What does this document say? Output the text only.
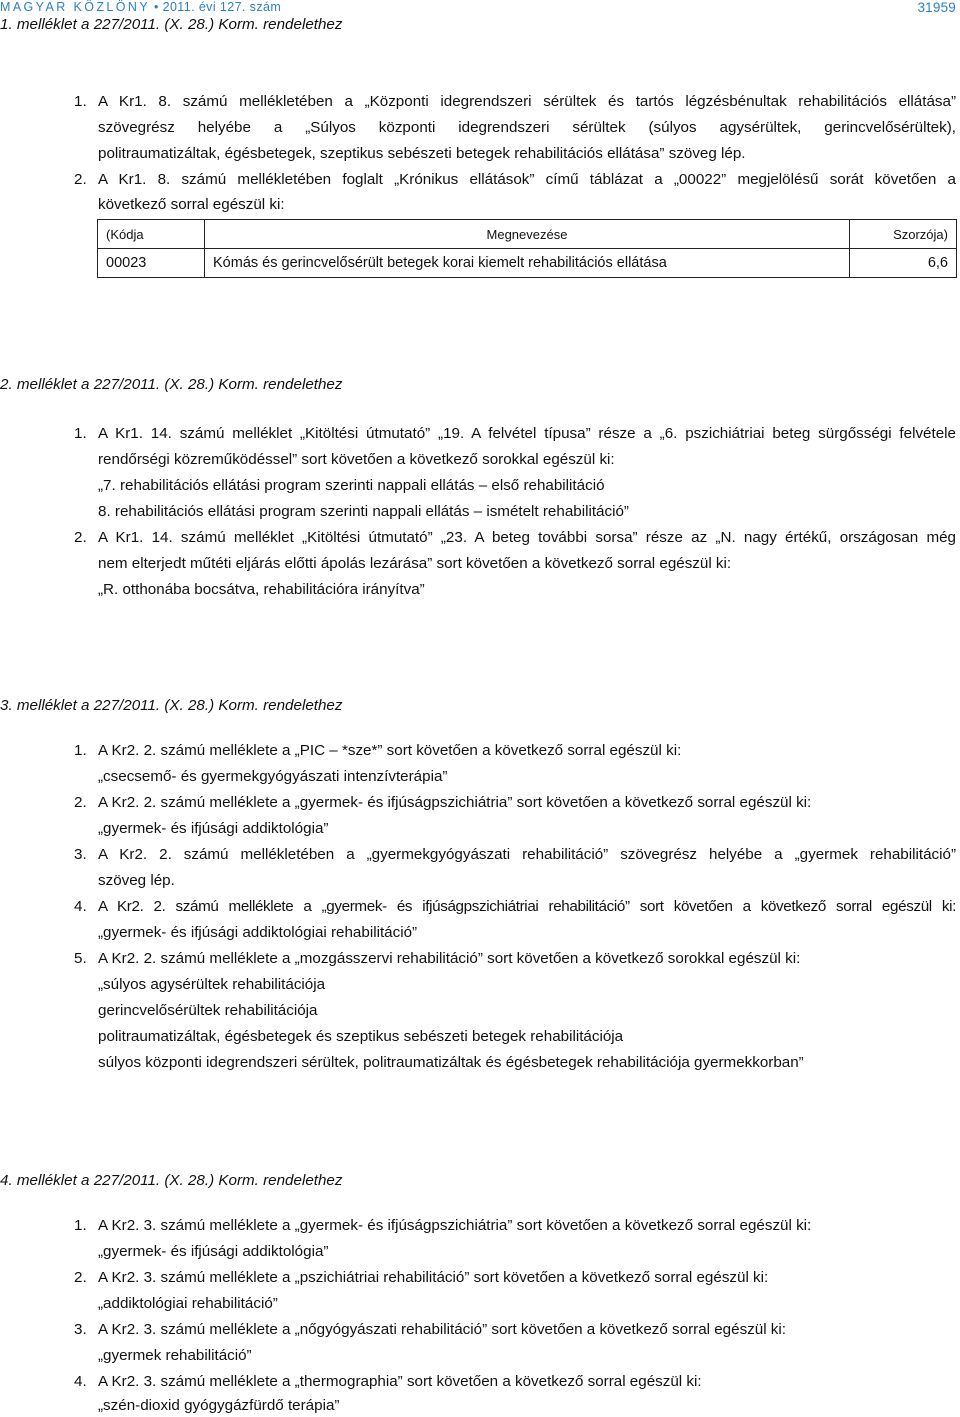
MAGYAR KÖZLÖNY • 2011. évi 127. szám	31959
1. melléklet a 227/2011. (X. 28.) Korm. rendelethez
1. A Kr1. 8. számú mellékletében a „Központi idegrendszeri sérültek és tartós légzésbénultak rehabilitációs ellátása”
szövegrész helyébe a „Súlyos központi idegrendszeri sérültek (súlyos agysérültek, gerincvelősérültek),
politraumatizáltak, égésbetegek, szeptikus sebészeti betegek rehabilitációs ellátása” szöveg lép.
2. A Kr1. 8. számú mellékletében foglalt „Krónikus ellátások” című táblázat a „00022” megjelölésű sorát követően a
következő sorral egészül ki:
(Kódja	Megnevezése	Szorzója)
00023	Kómás és gerincvelősérült betegek korai kiemelt rehabilitációs ellátása	6,6
2. melléklet a 227/2011. (X. 28.) Korm. rendelethez
1. A Kr1. 14. számú melléklet „Kitöltési útmutató” „19. A felvétel típusa” része a „6. pszichiátriai beteg sürgősségi felvétele
rendőrségi közreműködéssel” sort követően a következő sorokkal egészül ki:
„7. rehabilitációs ellátási program szerinti nappali ellátás – első rehabilitáció
8. rehabilitációs ellátási program szerinti nappali ellátás – ismételt rehabilitáció”
2. A Kr1. 14. számú melléklet „Kitöltési útmutató” „23. A beteg további sorsa” része az „N. nagy értékű, országosan még
nem elterjedt műtéti eljárás előtti ápolás lezárása” sort követően a következő sorral egészül ki:
„R. otthonába bocsátva, rehabilitációra irányítva”
3. melléklet a 227/2011. (X. 28.) Korm. rendelethez
1. A Kr2. 2. számú melléklete a „PIC – *sze*” sort követően a következő sorral egészül ki:
„csecsemő- és gyermekgyógyászati intenzívterápia”
2. A Kr2. 2. számú melléklete a „gyermek- és ifjúságpszichiátria” sort követően a következő sorral egészül ki:
„gyermek- és ifjúsági addiktológia”
3. A Kr2. 2. számú mellékletében a „gyermekgyógyászati rehabilitáció” szövegrész helyébe a „gyermek rehabilitáció”
szöveg lép.
4. A Kr2. 2. számú melléklete a „gyermek- és ifjúságpszichiátriai rehabilitáció” sort követően a következő sorral egészül ki:
„gyermek- és ifjúsági addiktológiai rehabilitáció”
5. A Kr2. 2. számú melléklete a „mozgásszervi rehabilitáció” sort követően a következő sorokkal egészül ki:
„súlyos agysérültek rehabilitációja
gerincvelősérültek rehabilitációja
politraumatizáltak, égésbetegek és szeptikus sebészeti betegek rehabilitációja
súlyos központi idegrendszeri sérültek, politraumatizáltak és égésbetegek rehabilitációja gyermekkorban”
4. melléklet a 227/2011. (X. 28.) Korm. rendelethez
1. A Kr2. 3. számú melléklete a „gyermek- és ifjúságpszichiátria” sort követően a következő sorral egészül ki:
„gyermek- és ifjúsági addiktológia”
2. A Kr2. 3. számú melléklete a „pszichiátriai rehabilitáció” sort követően a következő sorral egészül ki:
„addiktológiai rehabilitáció”
3. A Kr2. 3. számú melléklete a „nőgyógyászati rehabilitáció” sort követően a következő sorral egészül ki:
„gyermek rehabilitáció”
4. A Kr2. 3. számú melléklete a „thermographia” sort követően a következő sorral egészül ki:
„szén-dioxid gyógygázfürdő terápia”
